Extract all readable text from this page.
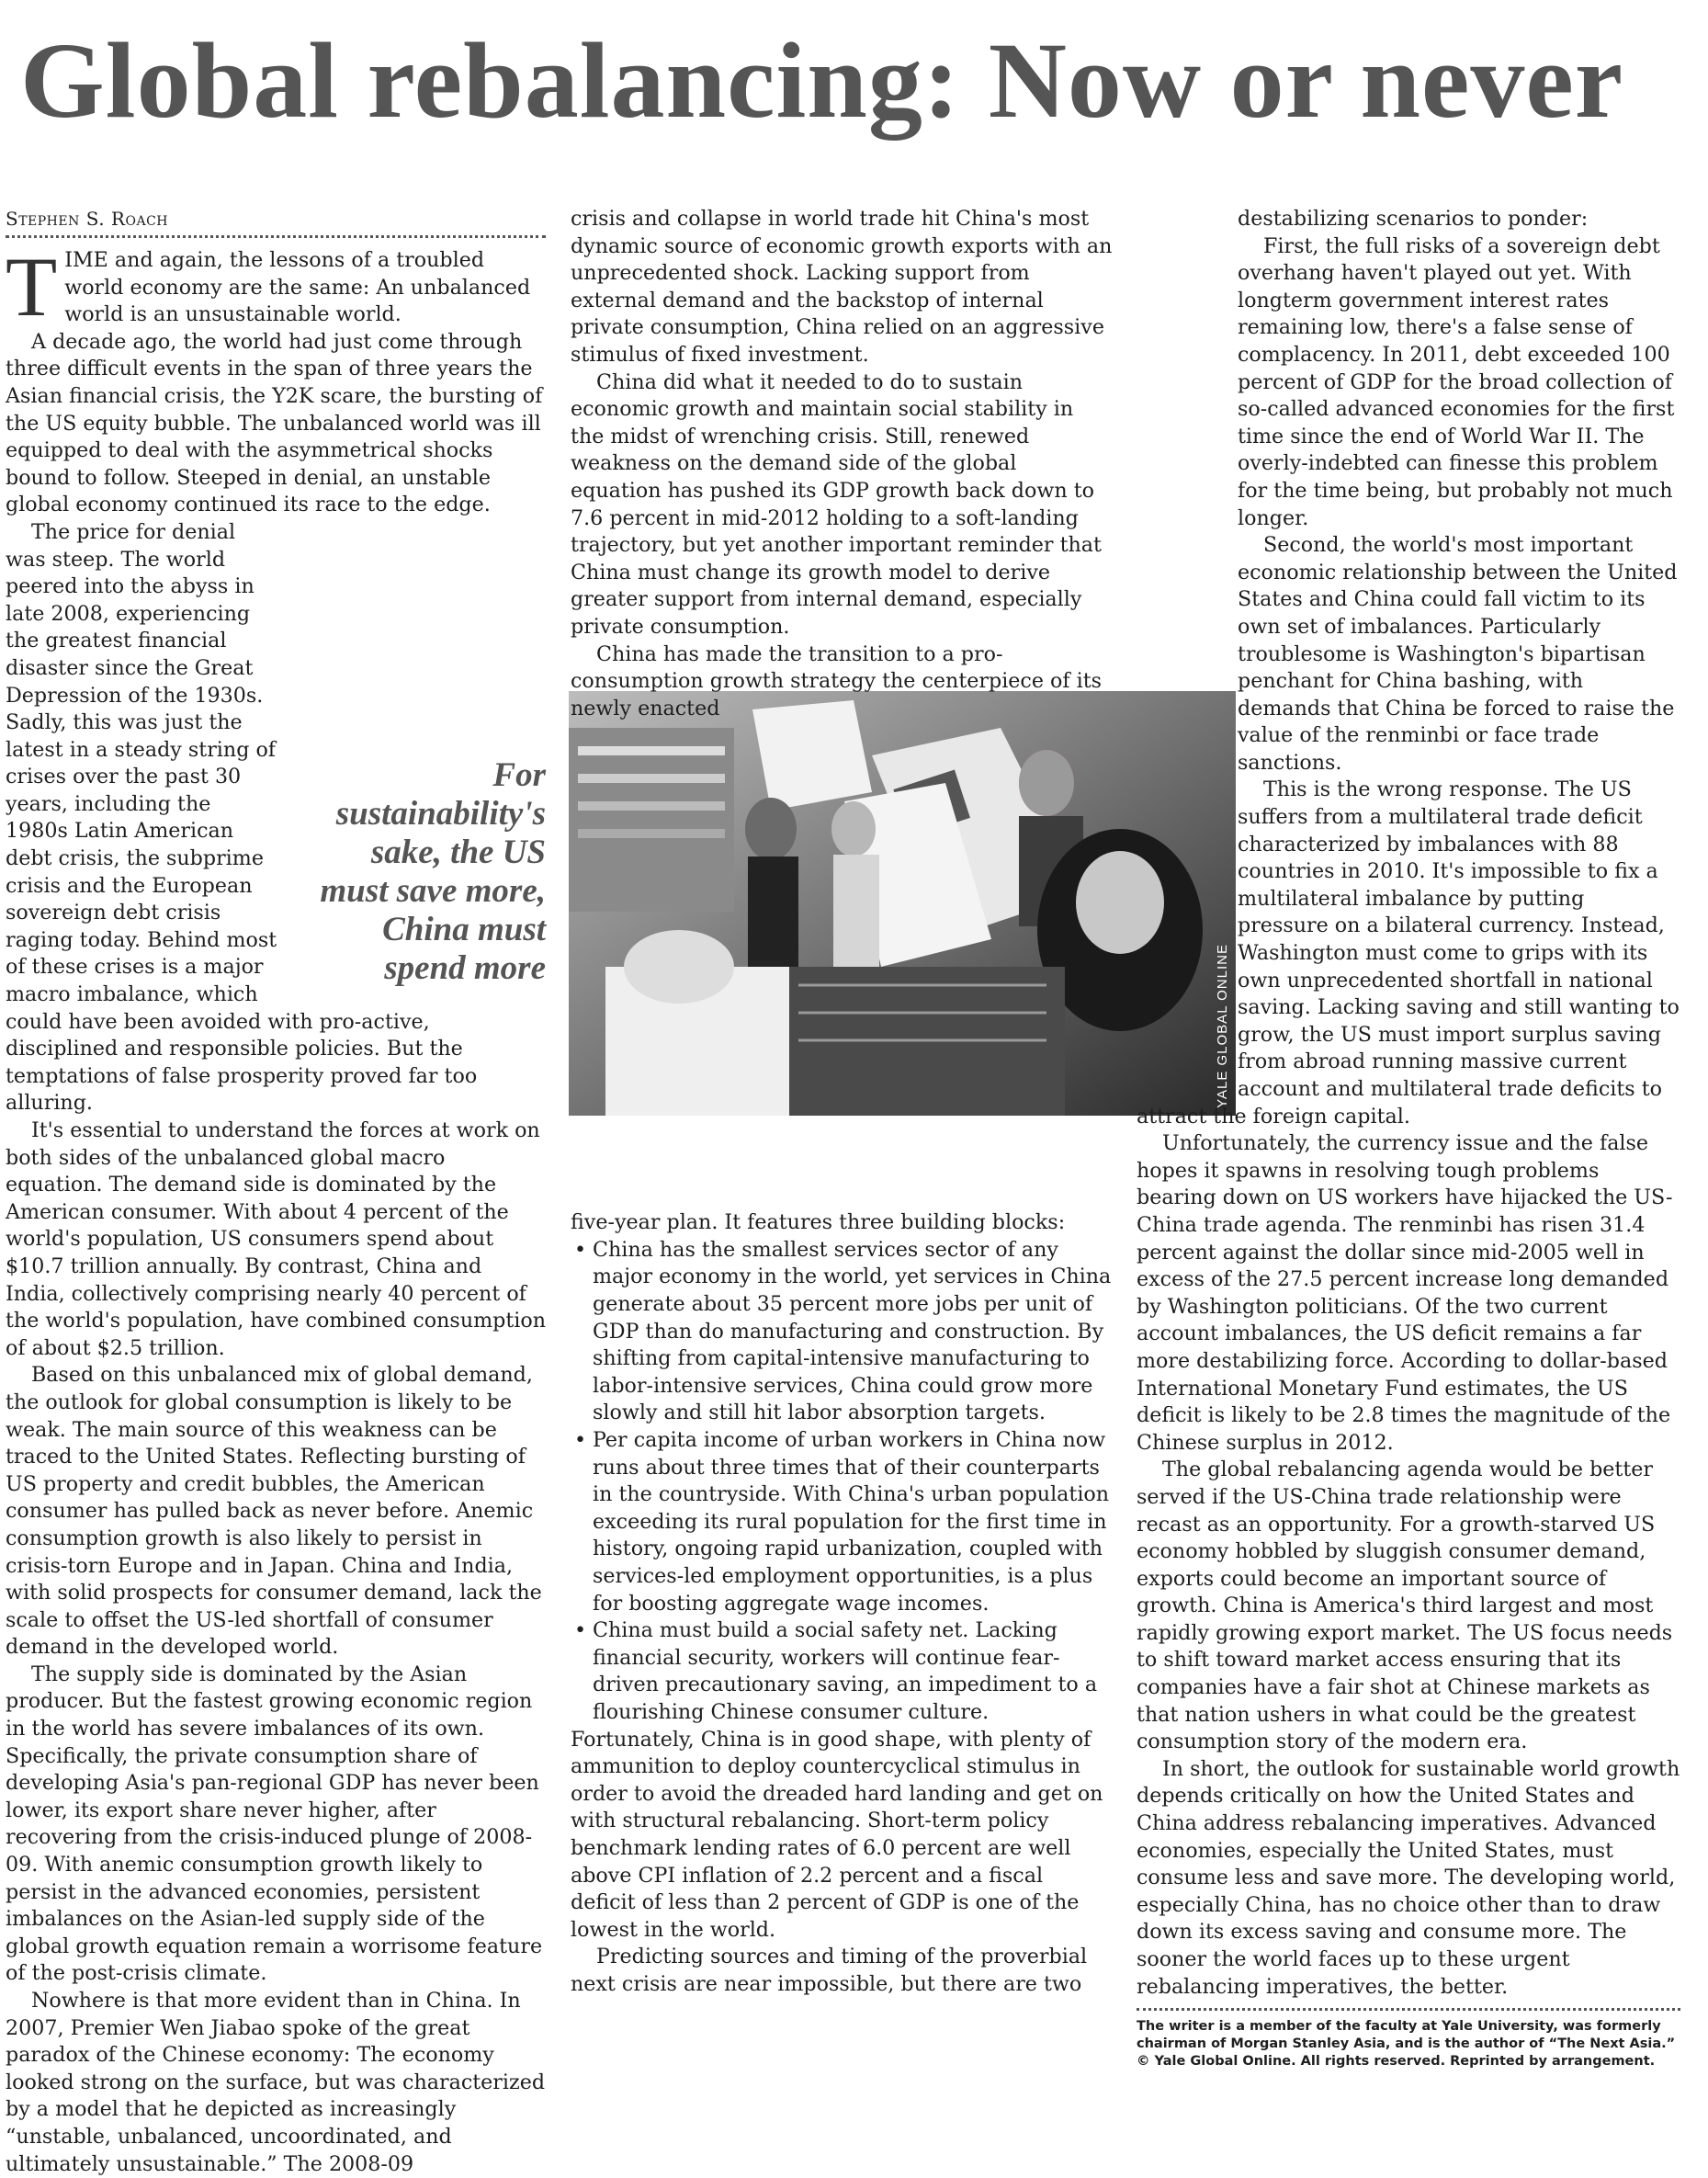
Global rebalancing: Now or never
Stephen S. Roach

TIME and again, the lessons of a troubled world economy are the same: An unbalanced world is an unsustainable world.

A decade ago, the world had just come through three difficult events in the span of three years the Asian financial crisis, the Y2K scare, the bursting of the US equity bubble. The unbalanced world was ill equipped to deal with the asymmetrical shocks bound to follow. Steeped in denial, an unstable global economy continued its race to the edge.

For sustainability's sake, the US must save more, China must spend more
The price for denial was steep. The world peered into the abyss in late 2008, experiencing the greatest financial disaster since the Great Depression of the 1930s. Sadly, this was just the latest in a steady string of crises over the past 30 years, including the 1980s Latin American debt crisis, the subprime crisis and the European sovereign debt crisis raging today. Behind most of these crises is a major macro imbalance, which could have been avoided with pro-active, disciplined and responsible policies. But the temptations of false prosperity proved far too alluring.

It's essential to understand the forces at work on both sides of the unbalanced global macro equation. The demand side is dominated by the American consumer. With about 4 percent of the world's population, US consumers spend about $10.7 trillion annually. By contrast, China and India, collectively comprising nearly 40 percent of the world's population, have combined consumption of about $2.5 trillion.

Based on this unbalanced mix of global demand, the outlook for global consumption is likely to be weak. The main source of this weakness can be traced to the United States. Reflecting bursting of US property and credit bubbles, the American consumer has pulled back as never before. Anemic consumption growth is also likely to persist in crisis-torn Europe and in Japan. China and India, with solid prospects for consumer demand, lack the scale to offset the US-led shortfall of consumer demand in the developed world.

The supply side is dominated by the Asian producer. But the fastest growing economic region in the world has severe imbalances of its own. Specifically, the private consumption share of developing Asia's pan-regional GDP has never been lower, its export share never higher, after recovering from the crisis-induced plunge of 2008-09. With anemic consumption growth likely to persist in the advanced economies, persistent imbalances on the Asian-led supply side of the global growth equation remain a worrisome feature of the post-crisis climate.

Nowhere is that more evident than in China. In 2007, Premier Wen Jiabao spoke of the great paradox of the Chinese economy: The economy looked strong on the surface, but was characterized by a model that he depicted as increasingly “unstable, unbalanced, uncoordinated, and ultimately unsustainable.” The 2008-09

YALE GLOBAL ONLINE

crisis and collapse in world trade hit China's most dynamic source of economic growth exports with an unprecedented shock. Lacking support from external demand and the backstop of internal private consumption, China relied on an aggressive stimulus of fixed investment.

China did what it needed to do to sustain economic growth and maintain social stability in the midst of wrenching crisis. Still, renewed weakness on the demand side of the global equation has pushed its GDP growth back down to 7.6 percent in mid-2012 holding to a soft-landing trajectory, but yet another important reminder that China must change its growth model to derive greater support from internal demand, especially private consumption.

China has made the transition to a pro-consumption growth strategy the centerpiece of its newly enacted

five-year plan. It features three building blocks:

• China has the smallest services sector of any major economy in the world, yet services in China generate about 35 percent more jobs per unit of GDP than do manufacturing and construction. By shifting from capital-intensive manufacturing to labor-intensive services, China could grow more slowly and still hit labor absorption targets.
• Per capita income of urban workers in China now runs about three times that of their counterparts in the countryside. With China's urban population exceeding its rural population for the first time in history, ongoing rapid urbanization, coupled with services-led employment opportunities, is a plus for boosting aggregate wage incomes.
• China must build a social safety net. Lacking financial security, workers will continue fear-driven precautionary saving, an impediment to a flourishing Chinese consumer culture.

Fortunately, China is in good shape, with plenty of ammunition to deploy countercyclical stimulus in order to avoid the dreaded hard landing and get on with structural rebalancing. Short-term policy benchmark lending rates of 6.0 percent are well above CPI inflation of 2.2 percent and a fiscal deficit of less than 2 percent of GDP is one of the lowest in the world.

Predicting sources and timing of the proverbial next crisis are near impossible, but there are two

destabilizing scenarios to ponder:

First, the full risks of a sovereign debt overhang haven't played out yet. With longterm government interest rates remaining low, there's a false sense of complacency. In 2011, debt exceeded 100 percent of GDP for the broad collection of so-called advanced economies for the first time since the end of World War II. The overly-indebted can finesse this problem for the time being, but probably not much longer.

Second, the world's most important economic relationship between the United States and China could fall victim to its own set of imbalances. Particularly troublesome is Washington's bipartisan penchant for China bashing, with demands that China be forced to raise the value of the renminbi or face trade sanctions.

This is the wrong response. The US suffers from a multilateral trade deficit characterized by imbalances with 88 countries in 2010. It's impossible to fix a multilateral imbalance by putting pressure on a bilateral currency. Instead, Washington must come to grips with its own unprecedented shortfall in national saving. Lacking saving and still wanting to grow, the US must import surplus saving from abroad running massive current account and multilateral trade deficits to attract the foreign capital.

Unfortunately, the currency issue and the false hopes it spawns in resolving tough problems bearing down on US workers have hijacked the US-China trade agenda. The renminbi has risen 31.4 percent against the dollar since mid-2005 well in excess of the 27.5 percent increase long demanded by Washington politicians. Of the two current account imbalances, the US deficit remains a far more destabilizing force. According to dollar-based International Monetary Fund estimates, the US deficit is likely to be 2.8 times the magnitude of the Chinese surplus in 2012.

The global rebalancing agenda would be better served if the US-China trade relationship were recast as an opportunity. For a growth-starved US economy hobbled by sluggish consumer demand, exports could become an important source of growth. China is America's third largest and most rapidly growing export market. The US focus needs to shift toward market access ensuring that its companies have a fair shot at Chinese markets as that nation ushers in what could be the greatest consumption story of the modern era.

In short, the outlook for sustainable world growth depends critically on how the United States and China address rebalancing imperatives. Advanced economies, especially the United States, must consume less and save more. The developing world, especially China, has no choice other than to draw down its excess saving and consume more. The sooner the world faces up to these urgent rebalancing imperatives, the better.

The writer is a member of the faculty at Yale University, was formerly chairman of Morgan Stanley Asia, and is the author of “The Next Asia.”

© Yale Global Online. All rights reserved. Reprinted by arrangement.
